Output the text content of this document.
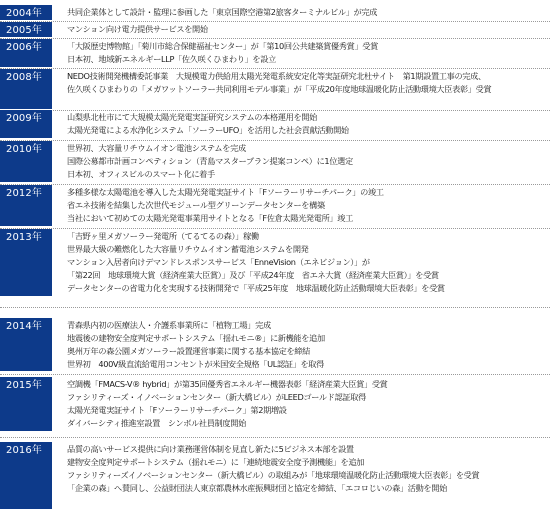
2004年	共同企業体として設計・監理に参画した「東京国際空港第2旅客ターミナルビル」が完成
2005年	マンション向け電力提供サービスを開始
2006年	「大阪歴史博物館」「菊川市総合保健福祉センター」が「第10回公共建築賞優秀賞」受賞
日本初、地域新エネルギーLLP「佐久咲くひまわり」を設立
2008年	NEDO技術開発機構委託事業　大規模電力供給用太陽光発電系統安定化等実証研究北杜サイト　第1期設置工事の完成、
佐久咲くひまわりの「メガワットソーラー共同利用モデル事業」が「平成20年度地球温暖化防止活動環境大臣表彰」受賞
2009年	山梨県北杜市にて大規模太陽光発電実証研究システムの本格運用を開始
太陽光発電による水浄化システム「ソーラーUFO」を活用した社会貢献活動開始
2010年	世界初、大容量リチウムイオン電池システムを完成
国際公募都市計画コンペティション（青島マスタープラン提案コンペ）に1位選定
日本初、オフィスビルのスマート化に着手
2012年	多種多様な太陽電池を導入した太陽光発電実証サイト「Fソーラーリサーチパーク」の竣工
省エネ技術を結集した次世代モジュール型グリーンデータセンターを構築
当社において初めての太陽光発電事業用サイトとなる「F佐倉太陽光発電所」竣工
2013年	「吉野ヶ里メガソーラー発電所（てるてるの森）」稼働
世界最大級の難燃化した大容量リチウムイオン蓄電池システムを開発
マンション入居者向けデマンドレスポンスサービス「EnneVision（エネビジョン）」が
「第22回　地球環境大賞（経済産業大臣賞）」及び「平成24年度　省エネ大賞（経済産業大臣賞）」を受賞
データセンターの省電力化を実現する技術開発で「平成25年度　地球温暖化防止活動環境大臣表彰」を受賞
2014年	青森県内初の医療法人・介護系事業所に「植物工場」完成
地震後の建物安全度判定サポートシステム「揺れモニ®」に新機能を追加
奥州万年の森公園メガソーラー設置運営事業に関する基本協定を締結
世界初　400V級直流給電用コンセントが米国安全規格「UL認証」を取得
2015年	空調機「FMACS-V® hybrid」が第35回優秀省エネルギー機器表彰「経済産業大臣賞」受賞
ファシリティーズ・イノベーションセンター（新大橋ビル）がLEEDゴールド認証取得
太陽光発電実証サイト「Fソーラーリサーチパーク」第2期増設
ダイバーシティ推進室設置　シンボル社員制度開始
2016年	品質の高いサービス提供に向け業務運営体制を見直し新たに5ビジネス本部を設置
建物安全度判定サポートシステム（揺れモニ）に「連続地震安全度予測機能」を追加
ファシリティーズイノベーションセンター（新大橋ビル）の取組みが「地球環境温暖化防止活動環境大臣表彰」を受賞
「企業の森」へ賛同し、公益財団法人東京都農林水産振興財団と協定を締結、「エコロじいの森」活動を開始
